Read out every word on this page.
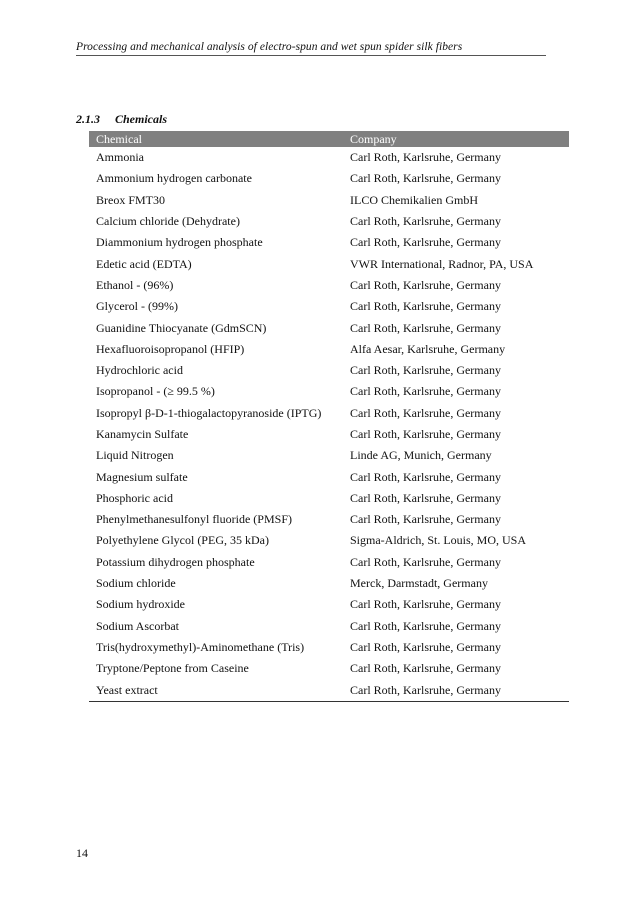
Processing and mechanical analysis of electro-spun and wet spun spider silk fibers
2.1.3 Chemicals
Chemical	Company
Ammonia	Carl Roth, Karlsruhe, Germany
Ammonium hydrogen carbonate	Carl Roth, Karlsruhe, Germany
Breox FMT30	ILCO Chemikalien GmbH
Calcium chloride (Dehydrate)	Carl Roth, Karlsruhe, Germany
Diammonium hydrogen phosphate	Carl Roth, Karlsruhe, Germany
Edetic acid (EDTA)	VWR International, Radnor, PA, USA
Ethanol - (96%)	Carl Roth, Karlsruhe, Germany
Glycerol - (99%)	Carl Roth, Karlsruhe, Germany
Guanidine Thiocyanate (GdmSCN)	Carl Roth, Karlsruhe, Germany
Hexafluoroisopropanol (HFIP)	Alfa Aesar, Karlsruhe, Germany
Hydrochloric acid	Carl Roth, Karlsruhe, Germany
Isopropanol - (≥ 99.5 %)	Carl Roth, Karlsruhe, Germany
Isopropyl β-D-1-thiogalactopyranoside (IPTG)	Carl Roth, Karlsruhe, Germany
Kanamycin Sulfate	Carl Roth, Karlsruhe, Germany
Liquid Nitrogen	Linde AG, Munich, Germany
Magnesium sulfate	Carl Roth, Karlsruhe, Germany
Phosphoric acid	Carl Roth, Karlsruhe, Germany
Phenylmethanesulfonyl fluoride (PMSF)	Carl Roth, Karlsruhe, Germany
Polyethylene Glycol (PEG, 35 kDa)	Sigma-Aldrich, St. Louis, MO, USA
Potassium dihydrogen phosphate	Carl Roth, Karlsruhe, Germany
Sodium chloride	Merck, Darmstadt, Germany
Sodium hydroxide	Carl Roth, Karlsruhe, Germany
Sodium Ascorbat	Carl Roth, Karlsruhe, Germany
Tris(hydroxymethyl)-Aminomethane (Tris)	Carl Roth, Karlsruhe, Germany
Tryptone/Peptone from Caseine	Carl Roth, Karlsruhe, Germany
Yeast extract	Carl Roth, Karlsruhe, Germany
14
